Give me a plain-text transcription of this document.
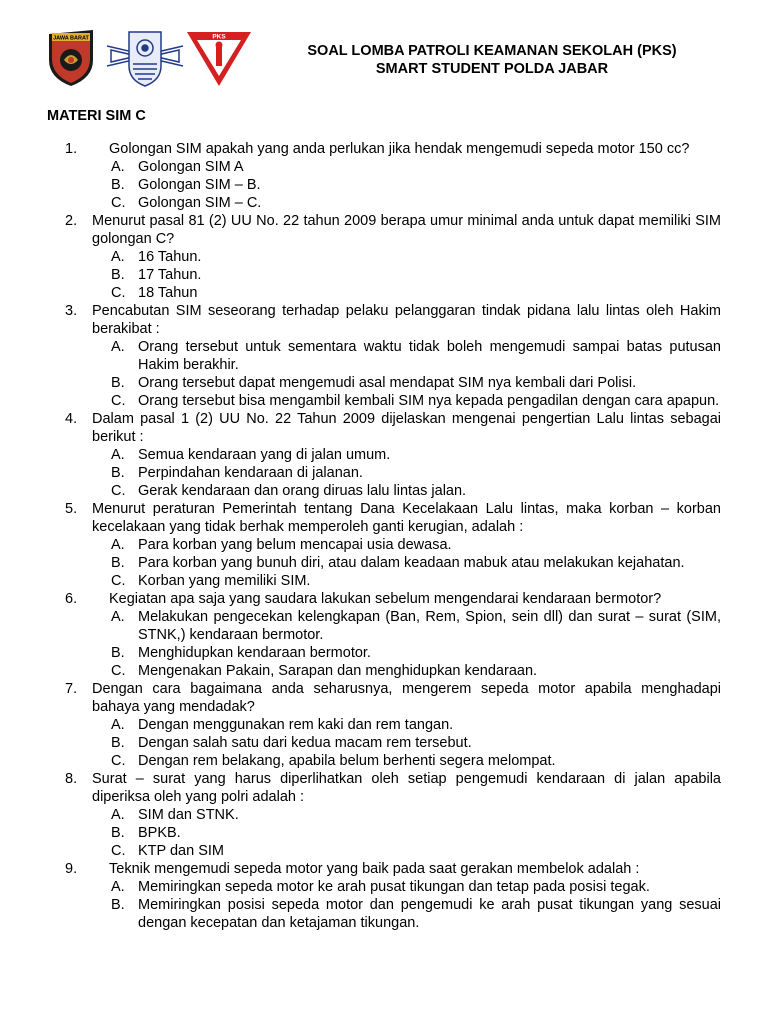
JAWA BARAT	PKS
SOAL LOMBA PATROLI KEAMANAN SEKOLAH (PKS)
SMART STUDENT POLDA JABAR
MATERI SIM C
1. Golongan SIM apakah yang anda perlukan jika hendak mengemudi sepeda motor 150 cc?
A. Golongan SIM A
B. Golongan SIM – B.
C. Golongan SIM – C.
2. Menurut pasal 81 (2) UU No. 22 tahun 2009 berapa umur minimal anda untuk dapat memiliki SIM golongan C?
A. 16 Tahun.
B. 17 Tahun.
C. 18 Tahun
3. Pencabutan SIM seseorang terhadap pelaku pelanggaran tindak pidana lalu lintas oleh Hakim berakibat :
A. Orang tersebut untuk sementara waktu tidak boleh mengemudi sampai batas putusan Hakim berakhir.
B. Orang tersebut dapat mengemudi asal mendapat SIM nya kembali dari Polisi.
C. Orang tersebut bisa mengambil kembali SIM nya kepada pengadilan dengan cara apapun.
4. Dalam pasal 1 (2) UU No. 22 Tahun 2009 dijelaskan mengenai pengertian Lalu lintas sebagai berikut :
A. Semua kendaraan yang di jalan umum.
B. Perpindahan kendaraan di jalanan.
C. Gerak kendaraan dan orang diruas lalu lintas jalan.
5. Menurut peraturan Pemerintah tentang Dana Kecelakaan Lalu lintas, maka korban – korban kecelakaan yang tidak berhak memperoleh ganti kerugian, adalah :
A. Para korban yang belum mencapai usia dewasa.
B. Para korban yang bunuh diri, atau dalam keadaan mabuk atau melakukan kejahatan.
C. Korban yang memiliki SIM.
6. Kegiatan apa saja yang saudara lakukan sebelum mengendarai kendaraan bermotor?
A. Melakukan pengecekan kelengkapan (Ban, Rem, Spion, sein dll) dan surat – surat (SIM, STNK,) kendaraan bermotor.
B. Menghidupkan kendaraan bermotor.
C. Mengenakan Pakain, Sarapan dan menghidupkan kendaraan.
7. Dengan cara bagaimana anda seharusnya, mengerem sepeda motor apabila menghadapi bahaya yang mendadak?
A. Dengan menggunakan rem kaki dan rem tangan.
B. Dengan salah satu dari kedua macam rem tersebut.
C. Dengan rem belakang, apabila belum berhenti segera melompat.
8. Surat – surat yang harus diperlihatkan oleh setiap pengemudi kendaraan di jalan apabila diperiksa oleh yang polri adalah :
A. SIM dan STNK.
B. BPKB.
C. KTP dan SIM
9. Teknik mengemudi sepeda motor yang baik pada saat gerakan membelok adalah :
A. Memiringkan sepeda motor ke arah pusat tikungan dan tetap pada posisi tegak.
B. Memiringkan posisi sepeda motor dan pengemudi ke arah pusat tikungan yang sesuai dengan kecepatan dan ketajaman tikungan.
